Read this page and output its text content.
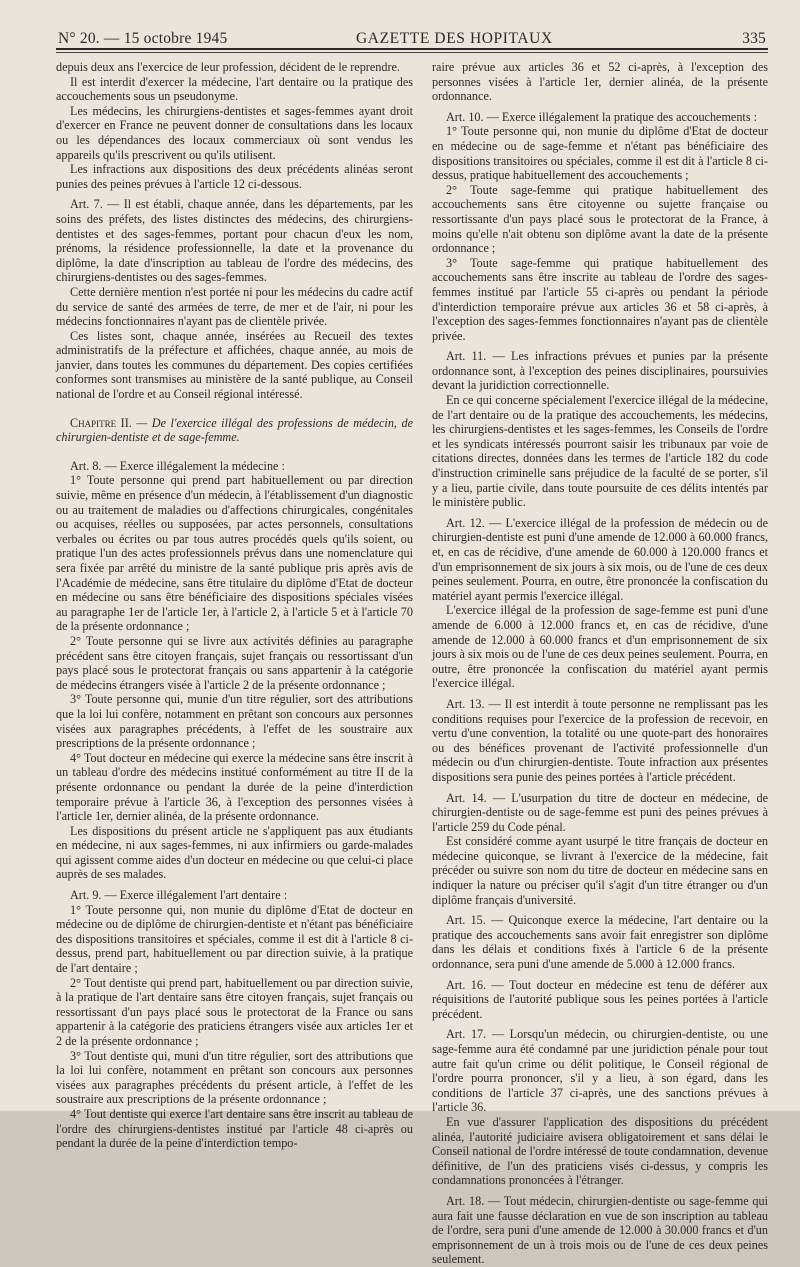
N° 20. — 15 octobre 1945	GAZETTE DES HOPITAUX	335

depuis deux ans l'exercice de leur profession, décident de le reprendre.

Il est interdit d'exercer la médecine, l'art dentaire ou la pratique des accouchements sous un pseudonyme.

Les médecins, les chirurgiens-dentistes et sages-femmes ayant droit d'exercer en France ne peuvent donner de consultations dans les locaux ou les dépendances des locaux commerciaux où sont vendus les appareils qu'ils prescrivent ou qu'ils utilisent.

Les infractions aux dispositions des deux précédents alinéas seront punies des peines prévues à l'article 12 ci-dessous.

Art. 7. — Il est établi, chaque année, dans les départements, par les soins des préfets, des listes distinctes des médecins, des chirurgiens-dentistes et des sages-femmes, portant pour chacun d'eux les nom, prénoms, la résidence professionnelle, la date et la provenance du diplôme, la date d'inscription au tableau de l'ordre des médecins, des chirurgiens-dentistes ou des sages-femmes.

Cette dernière mention n'est portée ni pour les médecins du cadre actif du service de santé des armées de terre, de mer et de l'air, ni pour les médecins fonctionnaires n'ayant pas de clientèle privée.

Ces listes sont, chaque année, insérées au Recueil des textes administratifs de la préfecture et affichées, chaque année, au mois de janvier, dans toutes les communes du département. Des copies certifiées conformes sont transmises au ministère de la santé publique, au Conseil national de l'ordre et au Conseil régional intéressé.

Chapitre II. — De l'exercice illégal des professions de médecin, de chirurgien-dentiste et de sage-femme.

Art. 8. — Exerce illégalement la médecine :

1° Toute personne qui prend part habituellement ou par direction suivie, même en présence d'un médecin, à l'établissement d'un diagnostic ou au traitement de maladies ou d'affections chirurgicales, congénitales ou acquises, réelles ou supposées, par actes personnels, consultations verbales ou écrites ou par tous autres procédés quels qu'ils soient, ou pratique l'un des actes professionnels prévus dans une nomenclature qui sera fixée par arrêté du ministre de la santé publique pris après avis de l'Académie de médecine, sans être titulaire du diplôme d'Etat de docteur en médecine ou sans être bénéficiaire des dispositions spéciales visées au paragraphe 1er de l'article 1er, à l'article 2, à l'article 5 et à l'article 70 de la présente ordonnance ;

2° Toute personne qui se livre aux activités définies au paragraphe précédent sans être citoyen français, sujet français ou ressortissant d'un pays placé sous le protectorat français ou sans appartenir à la catégorie de médecins étrangers visée à l'article 2 de la présente ordonnance ;

3° Toute personne qui, munie d'un titre régulier, sort des attributions que la loi lui confère, notamment en prêtant son concours aux personnes visées aux paragraphes précédents, à l'effet de les soustraire aux prescriptions de la présente ordonnance ;

4° Tout docteur en médecine qui exerce la médecine sans être inscrit à un tableau d'ordre des médecins institué conformément au titre II de la présente ordonnance ou pendant la durée de la peine d'interdiction temporaire prévue à l'article 36, à l'exception des personnes visées à l'article 1er, dernier alinéa, de la présente ordonnance.

Les dispositions du présent article ne s'appliquent pas aux étudiants en médecine, ni aux sages-femmes, ni aux infirmiers ou garde-malades qui agissent comme aides d'un docteur en médecine ou que celui-ci place auprès de ses malades.

Art. 9. — Exerce illégalement l'art dentaire :

1° Toute personne qui, non munie du diplôme d'Etat de docteur en médecine ou de diplôme de chirurgien-dentiste et n'étant pas bénéficiaire des dispositions transitoires et spéciales, comme il est dit à l'article 8 ci-dessus, prend part, habituellement ou par direction suivie, à la pratique de l'art dentaire ;

2° Tout dentiste qui prend part, habituellement ou par direction suivie, à la pratique de l'art dentaire sans être citoyen français, sujet français ou ressortissant d'un pays placé sous le protectorat de la France ou sans appartenir à la catégorie des praticiens étrangers visée aux articles 1er et 2 de la présente ordonnance ;

3° Tout dentiste qui, muni d'un titre régulier, sort des attributions que la loi lui confère, notamment en prêtant son concours aux personnes visées aux paragraphes précédents du présent article, à l'effet de les soustraire aux prescriptions de la présente ordonnance ;

4° Tout dentiste qui exerce l'art dentaire sans être inscrit au tableau de l'ordre des chirurgiens-dentistes institué par l'article 48 ci-après ou pendant la durée de la peine d'interdiction tempo-

raire prévue aux articles 36 et 52 ci-après, à l'exception des personnes visées à l'article 1er, dernier alinéa, de la présente ordonnance.

Art. 10. — Exerce illégalement la pratique des accouchements :

1° Toute personne qui, non munie du diplôme d'Etat de docteur en médecine ou de sage-femme et n'étant pas bénéficiaire des dispositions transitoires ou spéciales, comme il est dit à l'article 8 ci-dessus, pratique habituellement des accouchements ;

2° Toute sage-femme qui pratique habituellement des accouchements sans être citoyenne ou sujette française ou ressortissante d'un pays placé sous le protectorat de la France, à moins qu'elle n'ait obtenu son diplôme avant la date de la présente ordonnance ;

3° Toute sage-femme qui pratique habituellement des accouchements sans être inscrite au tableau de l'ordre des sages-femmes institué par l'article 55 ci-après ou pendant la période d'interdiction temporaire prévue aux articles 36 et 58 ci-après, à l'exception des sages-femmes fonctionnaires n'ayant pas de clientèle privée.

Art. 11. — Les infractions prévues et punies par la présente ordonnance sont, à l'exception des peines disciplinaires, poursuivies devant la juridiction correctionnelle.

En ce qui concerne spécialement l'exercice illégal de la médecine, de l'art dentaire ou de la pratique des accouchements, les médecins, les chirurgiens-dentistes et les sages-femmes, les Conseils de l'ordre et les syndicats intéressés pourront saisir les tribunaux par voie de citations directes, données dans les termes de l'article 182 du code d'instruction criminelle sans préjudice de la faculté de se porter, s'il y a lieu, partie civile, dans toute poursuite de ces délits intentés par le ministère public.

Art. 12. — L'exercice illégal de la profession de médecin ou de chirurgien-dentiste est puni d'une amende de 12.000 à 60.000 francs, et, en cas de récidive, d'une amende de 60.000 à 120.000 francs et d'un emprisonnement de six jours à six mois, ou de l'une de ces deux peines seulement. Pourra, en outre, être prononcée la confiscation du matériel ayant permis l'exercice illégal.

L'exercice illégal de la profession de sage-femme est puni d'une amende de 6.000 à 12.000 francs et, en cas de récidive, d'une amende de 12.000 à 60.000 francs et d'un emprisonnement de six jours à six mois ou de l'une de ces deux peines seulement. Pourra, en outre, être prononcée la confiscation du matériel ayant permis l'exercice illégal.

Art. 13. — Il est interdit à toute personne ne remplissant pas les conditions requises pour l'exercice de la profession de recevoir, en vertu d'une convention, la totalité ou une quote-part des honoraires ou des bénéfices provenant de l'activité professionnelle d'un médecin ou d'un chirurgien-dentiste. Toute infraction aux présentes dispositions sera punie des peines portées à l'article précédent.

Art. 14. — L'usurpation du titre de docteur en médecine, de chirurgien-dentiste ou de sage-femme est puni des peines prévues à l'article 259 du Code pénal.

Est considéré comme ayant usurpé le titre français de docteur en médecine quiconque, se livrant à l'exercice de la médecine, fait précéder ou suivre son nom du titre de docteur en médecine sans en indiquer la nature ou préciser qu'il s'agit d'un titre étranger ou d'un diplôme français d'université.

Art. 15. — Quiconque exerce la médecine, l'art dentaire ou la pratique des accouchements sans avoir fait enregistrer son diplôme dans les délais et conditions fixés à l'article 6 de la présente ordonnance, sera puni d'une amende de 5.000 à 12.000 francs.

Art. 16. — Tout docteur en médecine est tenu de déférer aux réquisitions de l'autorité publique sous les peines portées à l'article précédent.

Art. 17. — Lorsqu'un médecin, ou chirurgien-dentiste, ou une sage-femme aura été condamné par une juridiction pénale pour tout autre fait qu'un crime ou délit politique, le Conseil régional de l'ordre pourra prononcer, s'il y a lieu, à son égard, dans les conditions de l'article 37 ci-après, une des sanctions prévues à l'article 36.

En vue d'assurer l'application des dispositions du précédent alinéa, l'autorité judiciaire avisera obligatoirement et sans délai le Conseil national de l'ordre intéressé de toute condamnation, devenue définitive, de l'un des praticiens visés ci-dessus, y compris les condamnations prononcées à l'étranger.

Art. 18. — Tout médecin, chirurgien-dentiste ou sage-femme qui aura fait une fausse déclaration en vue de son inscription au tableau de l'ordre, sera puni d'une amende de 12.000 à 30.000 francs et d'un emprisonnement de un à trois mois ou de l'une de ces deux peines seulement.
